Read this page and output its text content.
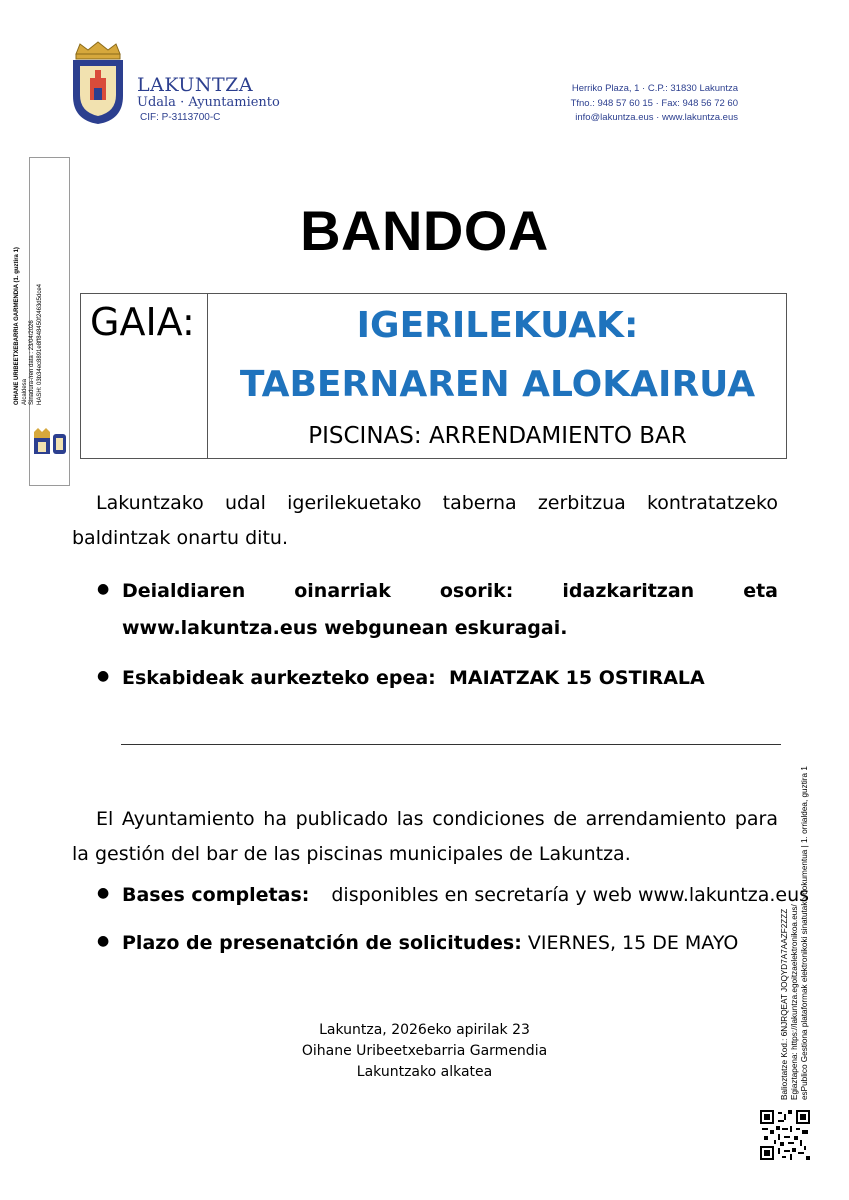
LAKUNTZA
Udala · Ayuntamiento
CIF: P-3113700-C
Herriko Plaza, 1 · C.P.: 31830 Lakuntza
Tfno.: 948 57 60 15 · Fax: 948 56 72 60
info@lakuntza.eus · www.lakuntza.eus
OIHANE URIBEETXEBARRIA GARMENDIA (1. guztira 1) Alcaldesa Sinadura-/ren data : 23/04/2026 HASH: 03b34ec8891e8ff848450f2463d5dce4
BANDOA
GAIA:	IGERILEKUAK:
TABERNAREN ALOKAIRUA
PISCINAS: ARRENDAMIENTO BAR
Lakuntzako udal igerilekuetako taberna zerbitzua kontratatzeko baldintzak onartu ditu.
● Deialdiaren oinarriak osorik: idazkaritzan eta
www.lakuntza.eus webgunean eskuragai.
● Eskabideak aurkezteko epea:  MAIATZAK 15 OSTIRALA
El Ayuntamiento ha publicado las condiciones de arrendamiento para la gestión del bar de las piscinas municipales de Lakuntza.
● Bases completas: disponibles en secretaría y web www.lakuntza.eus
● Plazo de presenatción de solicitudes: VIERNES, 15 DE MAYO
Lakuntza, 2026eko apirilak 23
Oihane Uribeetxebarria Garmendia
Lakuntzako alkatea	Balioztatze Kod.: 6NJRQEAT JOQYD7A7AAZF2ZZZ Egiaztapena: https://lakuntza.egoitzaelektronikoa.eus/ esPublico Gestiona plataformak elektronikoki sinatutako dokumentua | 1. orrialdea, guztira 1
